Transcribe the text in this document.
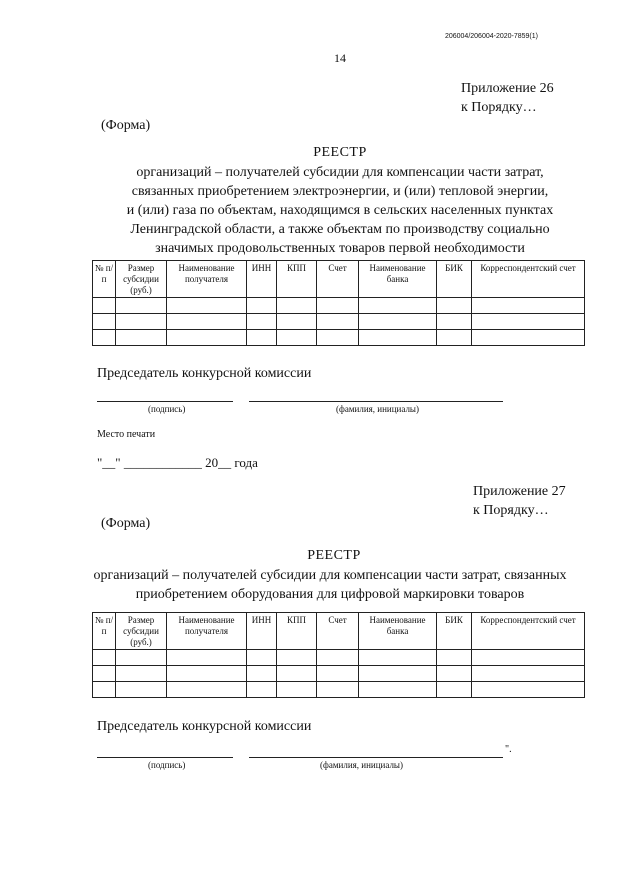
206004/206004-2020-7859(1)
14
Приложение 26
к Порядку…
(Форма)
РЕЕСТР
организаций – получателей субсидии для компенсации части затрат,
связанных приобретением электроэнергии, и (или) тепловой энергии,
и (или) газа по объектам, находящимся в сельских населенных пунктах
Ленинградской области, а также объектам по производству социально
значимых продовольственных товаров первой необходимости
№ п/п	Размер субсидии (руб.)	Наименование получателя	ИНН	КПП	Счет	Наименование банка	БИК	Корреспондентский счет

Председатель конкурсной комиссии
(подпись)	(фамилия, инициалы)
Место печати
"__" ____________ 20__ года
Приложение 27
к Порядку…
(Форма)
РЕЕСТР
организаций – получателей субсидии для компенсации части затрат, связанных
приобретением оборудования для цифровой маркировки товаров
№ п/п	Размер субсидии (руб.)	Наименование получателя	ИНН	КПП	Счет	Наименование банка	БИК	Корреспондентский счет

Председатель конкурсной комиссии
".
(подпись)	(фамилия, инициалы)
